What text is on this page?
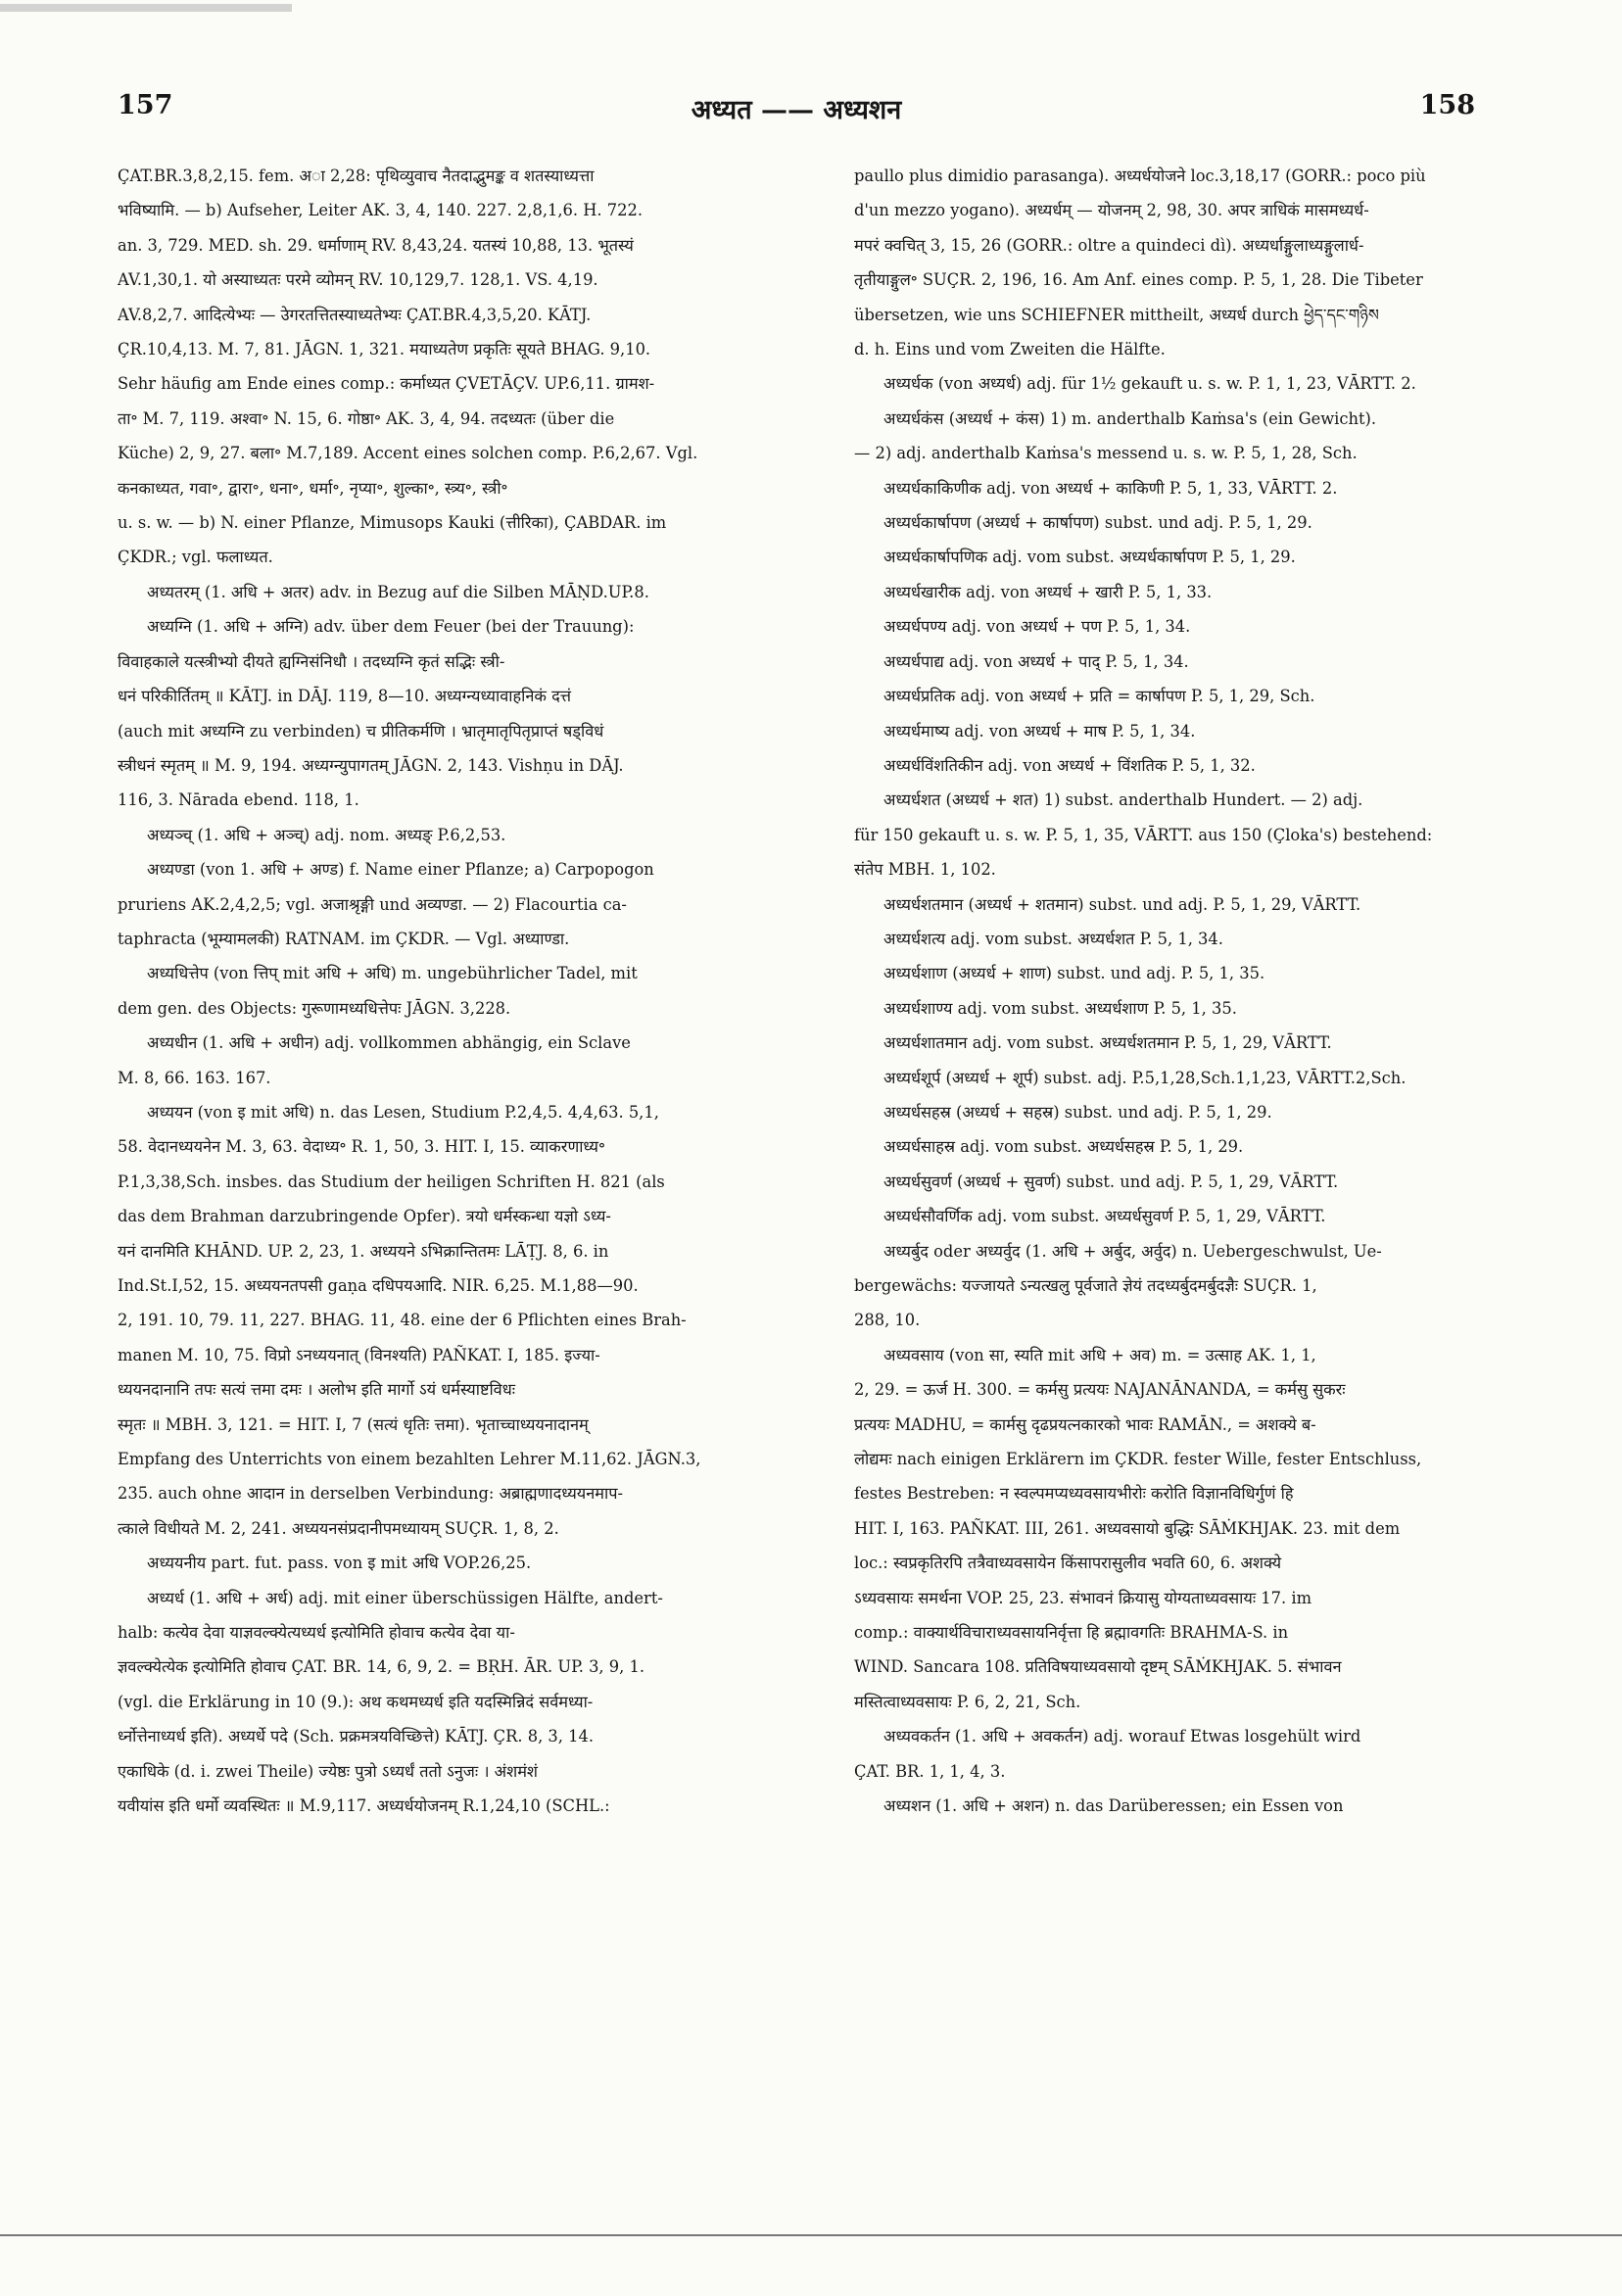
157	अध्यत —— अध्यशन	158
ÇAT.BR.3,8,2,15. fem. अा 2,28: पृथिव्युवाच नैतदाद्भुमङ्क व शतस्याध्यत्ता
भविष्यामि. — b) Aufseher, Leiter AK. 3, 4, 140. 227. 2,8,1,6. H. 722.
an. 3, 729. MED. sh. 29. धर्माणाम् RV. 8,43,24. यतस्यं 10,88, 13. भूतस्यं
AV.1,30,1. यो अस्याध्यतः परमे व्योमन् RV. 10,129,7. 128,1. VS. 4,19.
AV.8,2,7. आदित्येभ्यः — उेगरतत्तितस्याध्यतेभ्यः ÇAT.BR.4,3,5,20. KĀTJ.
ÇR.10,4,13. M. 7, 81. JĀGN. 1, 321. मयाध्यतेण प्रकृतिः सूयते BHAG. 9,10.
Sehr häufig am Ende eines comp.: कर्माध्यत ÇVETĀÇV. UP.6,11. ग्रामश-
ता॰ M. 7, 119. अश्वा॰ N. 15, 6. गोष्ठा॰ AK. 3, 4, 94. तदध्यतः (über die
Küche) 2, 9, 27. बला॰ M.7,189. Accent eines solchen comp. P.6,2,67. Vgl.
कनकाध्यत, गवा॰, द्वारा॰, धना॰, धर्मा॰, नृप्या॰, शुल्का॰, स्त्र्य॰, स्त्री॰
u. s. w. — b) N. einer Pflanze, Mimusops Kauki (त्तीरिका), ÇABDAR. im
ÇKDR.; vgl. फलाध्यत.
अध्यतरम् (1. अधि + अतर) adv. in Bezug auf die Silben MĀṆD.UP.8.
अध्यग्नि (1. अधि + अग्नि) adv. über dem Feuer (bei der Trauung):
विवाहकाले यत्स्त्रीभ्यो दीयते ह्यग्निसंनिधौ । तदध्यग्नि कृतं सद्भिः स्त्री-
धनं परिकीर्तितम् ॥ KĀTJ. in DĀJ. 119, 8—10. अध्यग्न्यध्यावाहनिकं दत्तं
(auch mit अध्यग्नि zu verbinden) च प्रीतिकर्मणि । भ्रातृमातृपितृप्राप्तं षड्विधं
स्त्रीधनं स्मृतम् ॥ M. 9, 194. अध्यग्न्युपागतम् JĀGN. 2, 143. Vishṇu in DĀJ.
116, 3. Nārada ebend. 118, 1.
अध्यञ्च् (1. अधि + अञ्च्) adj. nom. अध्यङ् P.6,2,53.
अध्यण्डा (von 1. अधि + अण्ड) f. Name einer Pflanze; a) Carpopogon
pruriens AK.2,4,2,5; vgl. अजाश्रृङ्गी und अव्यण्डा. — 2) Flacourtia ca-
taphracta (भूम्यामलकी) RATNAM. im ÇKDR. — Vgl. अध्याण्डा.
अध्यधित्तेप (von त्तिप् mit अधि + अधि) m. ungebührlicher Tadel, mit
dem gen. des Objects: गुरूणामध्यधित्तेपः JĀGN. 3,228.
अध्यधीन (1. अधि + अधीन) adj. vollkommen abhängig, ein Sclave
M. 8, 66. 163. 167.
अध्ययन (von इ mit अधि) n. das Lesen, Studium P.2,4,5. 4,4,63. 5,1,
58. वेदानध्ययनेन M. 3, 63. वेदाध्य॰ R. 1, 50, 3. HIT. I, 15. व्याकरणाध्य॰
P.1,3,38,Sch. insbes. das Studium der heiligen Schriften H. 821 (als
das dem Brahman darzubringende Opfer). त्रयो धर्मस्कन्धा यज्ञो ऽध्य-
यनं दानमिति KHĀND. UP. 2, 23, 1. अध्ययने ऽभिक्रान्तितमः LĀṬJ. 8, 6. in
Ind.St.I,52, 15. अध्ययनतपसी gaṇa दधिपयआदि. NIR. 6,25. M.1,88—90.
2, 191. 10, 79. 11, 227. BHAG. 11, 48. eine der 6 Pflichten eines Brah-
manen M. 10, 75. विप्रो ऽनध्ययनात् (विनश्यति) PAÑKAT. I, 185. इज्या-
ध्ययनदानानि तपः सत्यं त्तमा दमः । अलोभ इति मार्गो ऽयं धर्मस्याष्टविधः
स्मृतः ॥ MBH. 3, 121. = HIT. I, 7 (सत्यं धृतिः त्तमा). भृताच्चाध्ययनादानम्
Empfang des Unterrichts von einem bezahlten Lehrer M.11,62. JĀGN.3,
235. auch ohne आदान in derselben Verbindung: अब्राह्मणादध्ययनमाप-
त्काले विधीयते M. 2, 241. अध्ययनसंप्रदानीपमध्यायम् SUÇR. 1, 8, 2.
अध्ययनीय part. fut. pass. von इ mit अधि VOP.26,25.
अध्यर्ध (1. अधि + अर्ध) adj. mit einer überschüssigen Hälfte, andert-
halb: कत्येव देवा याज्ञवल्क्येत्यध्यर्ध इत्योमिति होवाच कत्येव देवा या-
ज्ञवल्क्येत्येक इत्योमिति होवाच ÇAT. BR. 14, 6, 9, 2. = BṚH. ĀR. UP. 3, 9, 1.
(vgl. die Erklärung in 10 (9.): अथ कथमध्यर्ध इति यदस्मिन्निदं सर्वमध्या-
र्ध्नोत्तेनाध्यर्ध इति). अध्यर्धे पदे (Sch. प्रक्रमत्रयविच्छित्ते) KĀTJ. ÇR. 8, 3, 14.
एकाधिके (d. i. zwei Theile) ज्येष्ठः पुत्रो ऽध्यर्धं ततो ऽनुजः । अंशमंशं
यवीयांस इति धर्मो व्यवस्थितः ॥ M.9,117. अध्यर्धयोजनम् R.1,24,10 (SCHL.:
paullo plus dimidio parasanga). अध्यर्धयोजने loc.3,18,17 (GORR.: poco più
d'un mezzo yogano). अध्यर्धम् — योजनम् 2, 98, 30. अपर त्राधिकं मासमध्यर्ध-
मपरं क्वचित् 3, 15, 26 (GORR.: oltre a quindeci dì). अध्यर्धाङ्गुलाध्यङ्गुलार्ध-
तृतीयाङ्गुल॰ SUÇR. 2, 196, 16. Am Anf. eines comp. P. 5, 1, 28. Die Tibeter
übersetzen, wie uns SCHIEFNER mittheilt, अध्यर्ध durch ཕྱེད་དང་གཉིས
d. h. Eins und vom Zweiten die Hälfte.
अध्यर्धक (von अध्यर्ध) adj. für 1½ gekauft u. s. w. P. 1, 1, 23, VĀRTT. 2.
अध्यर्धकंस (अध्यर्ध + कंस) 1) m. anderthalb Kaṁsa's (ein Gewicht).
— 2) adj. anderthalb Kaṁsa's messend u. s. w. P. 5, 1, 28, Sch.
अध्यर्धकाकिणीक adj. von अध्यर्ध + काकिणी P. 5, 1, 33, VĀRTT. 2.
अध्यर्धकार्षापण (अध्यर्ध + कार्षापण) subst. und adj. P. 5, 1, 29.
अध्यर्धकार्षापणिक adj. vom subst. अध्यर्धकार्षापण P. 5, 1, 29.
अध्यर्धखारीक adj. von अध्यर्ध + खारी P. 5, 1, 33.
अध्यर्धपण्य adj. von अध्यर्ध + पण P. 5, 1, 34.
अध्यर्धपाद्य adj. von अध्यर्ध + पाद् P. 5, 1, 34.
अध्यर्धप्रतिक adj. von अध्यर्ध + प्रति = कार्षापण P. 5, 1, 29, Sch.
अध्यर्धमाष्य adj. von अध्यर्ध + माष P. 5, 1, 34.
अध्यर्धविंशतिकीन adj. von अध्यर्ध + विंशतिक P. 5, 1, 32.
अध्यर्धशत (अध्यर्ध + शत) 1) subst. anderthalb Hundert. — 2) adj.
für 150 gekauft u. s. w. P. 5, 1, 35, VĀRTT. aus 150 (Çloka's) bestehend:
संतेप MBH. 1, 102.
अध्यर्धशतमान (अध्यर्ध + शतमान) subst. und adj. P. 5, 1, 29, VĀRTT.
अध्यर्धशत्य adj. vom subst. अध्यर्धशत P. 5, 1, 34.
अध्यर्धशाण (अध्यर्ध + शाण) subst. und adj. P. 5, 1, 35.
अध्यर्धशाण्य adj. vom subst. अध्यर्धशाण P. 5, 1, 35.
अध्यर्धशातमान adj. vom subst. अध्यर्धशतमान P. 5, 1, 29, VĀRTT.
अध्यर्धशूर्प (अध्यर्ध + शूर्प) subst. adj. P.5,1,28,Sch.1,1,23, VĀRTT.2,Sch.
अध्यर्धसहस्र (अध्यर्ध + सहस्र) subst. und adj. P. 5, 1, 29.
अध्यर्धसाहस्र adj. vom subst. अध्यर्धसहस्र P. 5, 1, 29.
अध्यर्धसुवर्ण (अध्यर्ध + सुवर्ण) subst. und adj. P. 5, 1, 29, VĀRTT.
अध्यर्धसौवर्णिक adj. vom subst. अध्यर्धसुवर्ण P. 5, 1, 29, VĀRTT.
अध्यर्बुद oder अध्यर्वुद (1. अधि + अर्बुद, अर्वुद) n. Uebergeschwulst, Ue-
bergewächs: यज्जायते ऽन्यत्खलु पूर्वजाते ज्ञेयं तदध्यर्बुदमर्बुदज्ञैः SUÇR. 1,
288, 10.
अध्यवसाय (von सा, स्यति mit अधि + अव) m. = उत्साह AK. 1, 1,
2, 29. = ऊर्ज H. 300. = कर्मसु प्रत्ययः NAJANĀNANDA, = कर्मसु सुकरः
प्रत्ययः MADHU, = कार्मसु दृढप्रयत्नकारको भावः RAMĀN., = अशक्ये ब-
लोद्यमः nach einigen Erklärern im ÇKDR. fester Wille, fester Entschluss,
festes Bestreben: न स्वल्पमप्यध्यवसायभीरोः करोति विज्ञानविधिर्गुणं हि
HIT. I, 163. PAÑKAT. III, 261. अध्यवसायो बुद्धिः SĀṀKHJAK. 23. mit dem
loc.: स्वप्रकृतिरपि तत्रैवाध्यवसायेन किंसापरासुलीव भवति 60, 6. अशक्ये
ऽध्यवसायः समर्थना VOP. 25, 23. संभावनं क्रियासु योग्यताध्यवसायः 17. im
comp.: वाक्यार्थविचाराध्यवसायनिर्वृत्ता हि ब्रह्मावगतिः BRAHMA-S. in
WIND. Sancara 108. प्रतिविषयाध्यवसायो दृष्टम् SĀṀKHJAK. 5. संभावन
मस्तित्वाध्यवसायः P. 6, 2, 21, Sch.
अध्यवकर्तन (1. अधि + अवकर्तन) adj. worauf Etwas losgehült wird
ÇAT. BR. 1, 1, 4, 3.
अध्यशन (1. अधि + अशन) n. das Darüberessen; ein Essen von
